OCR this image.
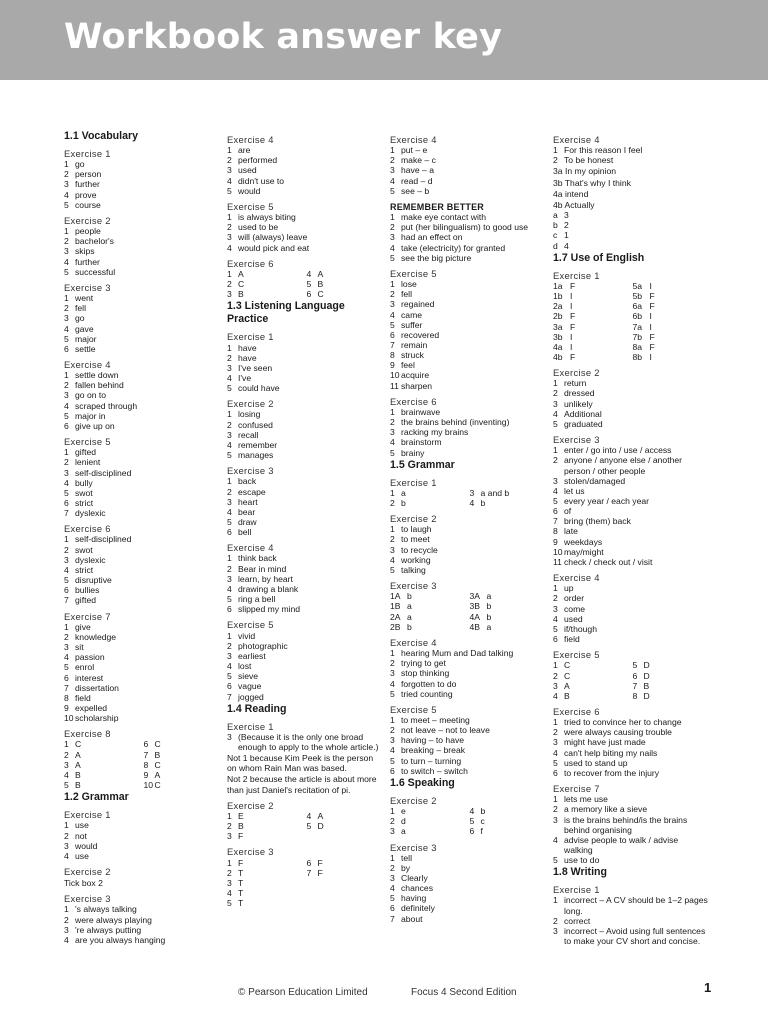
Workbook answer key
1.1 Vocabulary
Exercise 1
1 go
2 person
3 further
4 prove
5 course
Exercise 2
1 people
2 bachelor's
3 skips
4 further
5 successful
Exercise 3
1 went
2 fell
3 go
4 gave
5 major
6 settle
Exercise 4
1 settle down
2 fallen behind
3 go on to
4 scraped through
5 major in
6 give up on
Exercise 5
1 gifted
2 lenient
3 self-disciplined
4 bully
5 swot
6 strict
7 dyslexic
Exercise 6
1 self-disciplined
2 swot
3 dyslexic
4 strict
5 disruptive
6 bullies
7 gifted
Exercise 7
1 give
2 knowledge
3 sit
4 passion
5 enrol
6 interest
7 dissertation
8 field
9 expelled
10 scholarship
Exercise 8
1 C	6 C
2 A	7 B
3 A	8 C
4 B	9 A
5 B	10 C
1.2 Grammar
Exercise 1
1 use
2 not
3 would
4 use
Exercise 2
Tick box 2
Exercise 3
1 's always talking
2 were always playing
3 're always putting
4 are you always hanging
Exercise 4
1 are
2 performed
3 used
4 didn't use to
5 would
Exercise 5
1 is always biting
2 used to be
3 will (always) leave
4 would pick and eat
Exercise 6
1 A	4 A
2 C	5 B
3 B	6 C
1.3 Listening Language Practice
Exercise 1
1 have
2 have
3 I've seen
4 I've
5 could have
Exercise 2
1 losing
2 confused
3 recall
4 remember
5 manages
Exercise 3
1 back
2 escape
3 heart
4 bear
5 draw
6 bell
Exercise 4
1 think back
2 Bear in mind
3 learn, by heart
4 drawing a blank
5 ring a bell
6 slipped my mind
Exercise 5
1 vivid
2 photographic
3 earliest
4 lost
5 sieve
6 vague
7 jogged
1.4 Reading
Exercise 1
3 (Because it is the only one broad enough to apply to the whole article.)
Not 1 because Kim Peek is the person on whom Rain Man was based.
Not 2 because the article is about more than just Daniel's recitation of pi.
Exercise 2
1 E	4 A
2 B	5 D
3 F
Exercise 3
1 F	6 F
2 T	7 F
3 T
4 T
5 T
Exercise 4
1 put – e
2 make – c
3 have – a
4 read – d
5 see – b
REMEMBER BETTER
1 make eye contact with
2 put (her bilingualism) to good use
3 had an effect on
4 take (electricity) for granted
5 see the big picture
Exercise 5
1 lose
2 fell
3 regained
4 came
5 suffer
6 recovered
7 remain
8 struck
9 feel
10 acquire
11 sharpen
Exercise 6
1 brainwave
2 the brains behind (inventing)
3 racking my brains
4 brainstorm
5 brainy
1.5 Grammar
Exercise 1
1 a	3 a and b
2 b	4 b
Exercise 2
1 to laugh
2 to meet
3 to recycle
4 working
5 talking
Exercise 3
1A b	3A a
1B a	3B b
2A a	4A b
2B b	4B a
Exercise 4
1 hearing Mum and Dad talking
2 trying to get
3 stop thinking
4 forgotten to do
5 tried counting
Exercise 5
1 to meet – meeting
2 not leave – not to leave
3 having – to have
4 breaking – break
5 to turn – turning
6 to switch – switch
1.6 Speaking
Exercise 2
1 e	4 b
2 d	5 c
3 a	6 f
Exercise 3
1 tell
2 by
3 Clearly
4 chances
5 having
6 definitely
7 about
Exercise 4
1 For this reason I feel
2 To be honest
3a In my opinion
3b That's why I think
4a intend
4b Actually
a 3
b 2
c 1
d 4
1.7 Use of English
Exercise 1
1a F	5a I
1b I	5b F
2a I	6a F
2b F	6b I
3a F	7a I
3b I	7b F
4a I	8a F
4b F	8b I
Exercise 2
1 return
2 dressed
3 unlikely
4 Additional
5 graduated
Exercise 3
1 enter / go into / use / access
2 anyone / anyone else / another person / other people
3 stolen/damaged
4 let us
5 every year / each year
6 of
7 bring (them) back
8 late
9 weekdays
10 may/might
11 check / check out / visit
Exercise 4
1 up
2 order
3 come
4 used
5 if/though
6 field
Exercise 5
1 C	5 D
2 C	6 D
3 A	7 B
4 B	8 D
Exercise 6
1 tried to convince her to change
2 were always causing trouble
3 might have just made
4 can't help biting my nails
5 used to stand up
6 to recover from the injury
Exercise 7
1 lets me use
2 a memory like a sieve
3 is the brains behind/is the brains behind organising
4 advise people to walk / advise walking
5 use to do
1.8 Writing
Exercise 1
1 incorrect – A CV should be 1–2 pages long.
2 correct
3 incorrect – Avoid using full sentences to make your CV short and concise.
© Pearson Education Limited	Focus 4 Second Edition	1
